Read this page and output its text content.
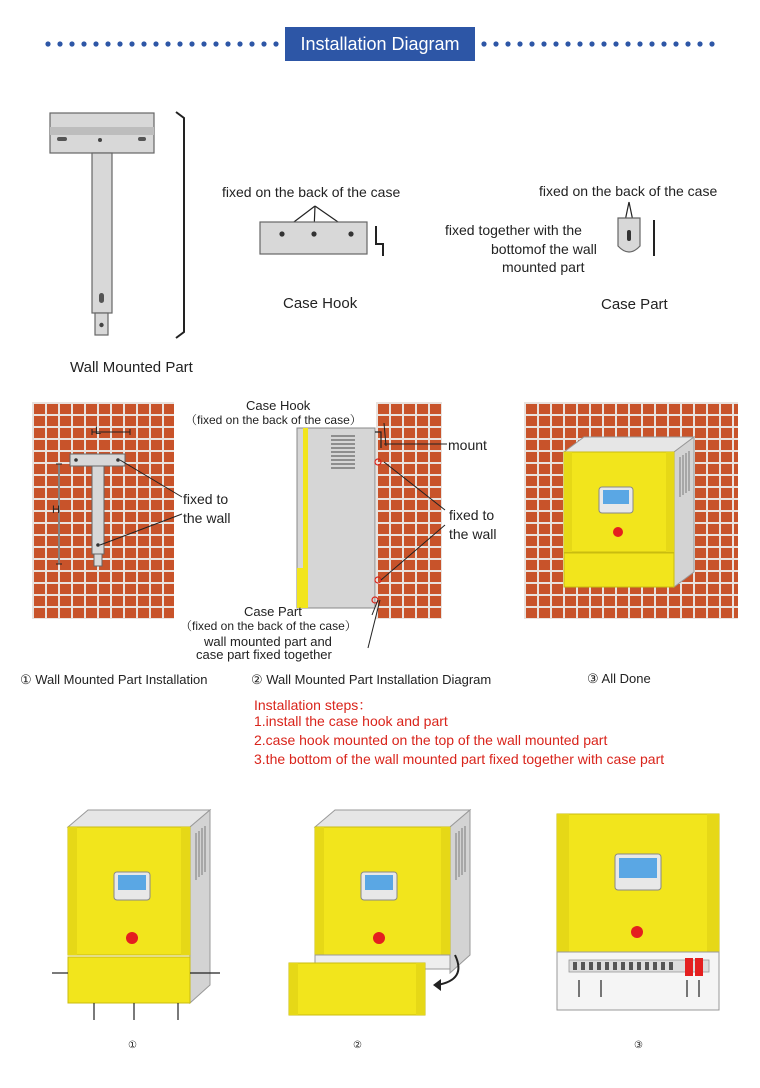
Installation Diagram
Wall Mounted Part
fixed on the back of the case
Case Hook
fixed on the back of the case
fixed together with the
bottomof the wall
mounted part
Case Part
L
H
fixed to
the wall
① Wall Mounted Part Installation
Case Hook
（fixed on the back of the case）
mount
fixed to
the wall
Case Part
（fixed on the back of the case）
wall mounted part and
case part fixed together
② Wall Mounted Part Installation Diagram	③ All Done
Installation steps：
1.install the case hook and part
2.case hook mounted on the top of the wall mounted part
3.the bottom of the wall mounted part fixed together with case part
①	②	③
